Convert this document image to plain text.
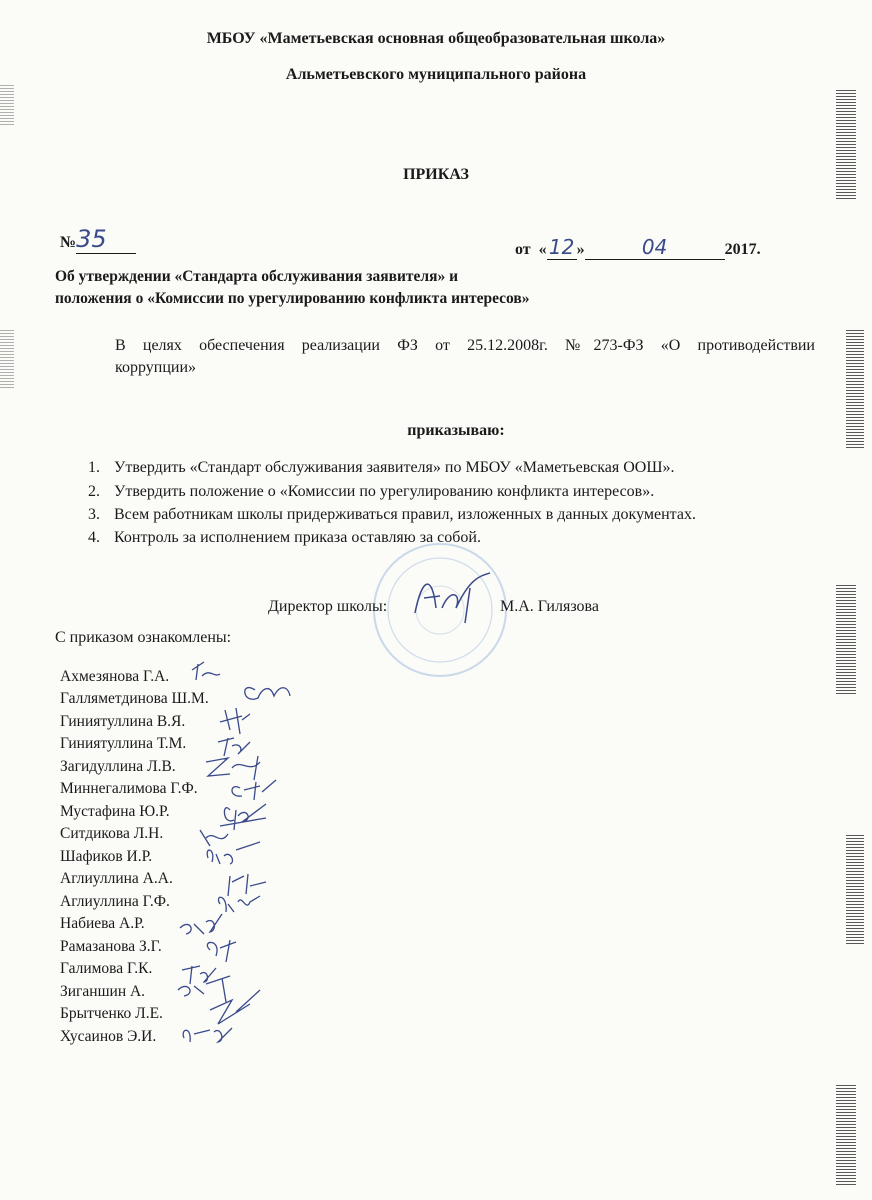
МБОУ «Маметьевская основная общеобразовательная школа»
Альметьевского муниципального района
ПРИКАЗ
№35	от « 12 »	04	2017.
Об утверждении «Стандарта обслуживания заявителя» и
положения о «Комиссии по урегулированию конфликта интересов»
В целях обеспечения реализации ФЗ от 25.12.2008г. №273-ФЗ «О противодействии
коррупции»
приказываю:
1. Утвердить «Стандарт обслуживания заявителя» по МБОУ «Маметьевская ООШ».
2. Утвердить положение о «Комиссии по урегулированию конфликта интересов».
3. Всем работникам школы придерживаться правил, изложенных в данных документах.
4. Контроль за исполнением приказа оставляю за собой.
Директор школы:	М.А. Гилязова
С приказом ознакомлены:
Ахмезянова Г.А.
Галляметдинова Ш.М.
Гиниятуллина В.Я.
Гиниятуллина Т.М.
Загидуллина Л.В.
Миннегалимова Г.Ф.
Мустафина Ю.Р.
Ситдикова Л.Н.
Шафиков И.Р.
Аглиуллина А.А.
Аглиуллина Г.Ф.
Набиева А.Р.
Рамазанова З.Г.
Галимова Г.К.
Зиганшин А.
Брытченко Л.Е.
Хусаинов Э.И.
